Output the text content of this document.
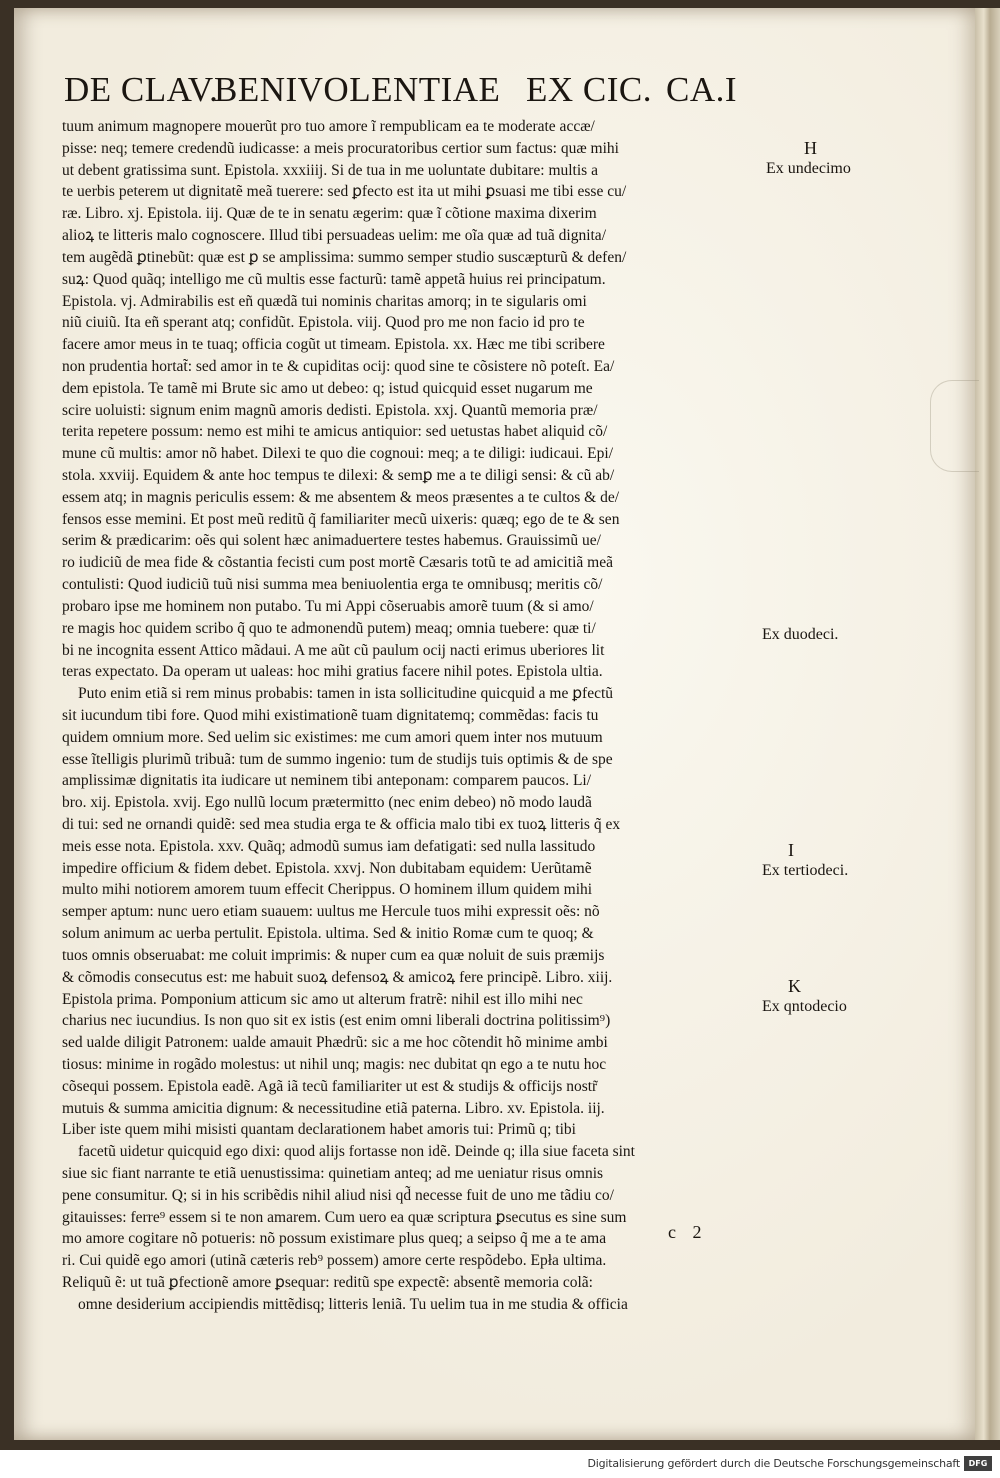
DE CLAV.
BENIVOLENTIAE EX CIC. CA.I
tuum animum magnopere mouerũt pro tuo amore ĩ rempublicam ea te moderate accæ/
pisse: neq; temere credendũ iudicasse: a meis procuratoribus certior sum factus: quæ mihi
ut debent gratissima sunt. Epistola. xxxiiij. Si de tua in me uoluntate dubitare: multis a
te uerbis peterem ut dignitatẽ meã tuerere: sed ꝑfecto est ita ut mihi ꝑsuasi me tibi esse cu/
ræ. Libro. xj. Epistola. iij. Quæ de te in senatu ægerim: quæ ĩ cõtione maxima dixerim
alioꝝ te litteris malo cognoscere. Illud tibi persuadeas uelim: me oĩa quæ ad tuã dignita/
tem augẽdã ꝑtinebũt: quæ est ꝑ se amplissima: summo semper studio suscæpturũ & defen/
suꝝ: Quod quãq; intelligo me cũ multis esse facturũ: tamẽ appetã huius rei principatum.
Epistola. vj. Admirabilis est eñ quædã tui nominis charitas amorq; in te sigularis omi
niũ ciuiũ. Ita eñ sperant atq; confidũt. Epistola. viij. Quod pro me non facio id pro te
facere amor meus in te tuaq; officia cogũt ut timeam. Epistola. xx. Hæc me tibi scribere
non prudentia hortat̃: sed amor in te & cupiditas ocij: quod sine te cõsistere nõ poteſt. Ea/
dem epistola. Te tamẽ mi Brute sic amo ut debeo: q; istud quicquid esset nugarum me
scire uoluisti: signum enim magnũ amoris dedisti. Epistola. xxj. Quantũ memoria præ/
terita repetere possum: nemo est mihi te amicus antiquior: sed uetustas habet aliquid cõ/
mune cũ multis: amor nõ habet. Dilexi te quo die cognoui: meq; a te diligi: iudicaui. Epi/
stola. xxviij. Equidem & ante hoc tempus te dilexi: & semꝑ me a te diligi sensi: & cũ ab/
essem atq; in magnis periculis essem: & me absentem & meos præsentes a te cultos & de/
fensos esse memini. Et post meũ reditũ q̃ familiariter mecũ uixeris: quæq; ego de te & sen
serim & prædicarim: oẽs qui solent hæc animaduertere testes habemus. Grauissimũ ue/
ro iudiciũ de mea fide & cõstantia fecisti cum post mortẽ Cæsaris totũ te ad amicitiã meã
contulisti: Quod iudiciũ tuũ nisi summa mea beniuolentia erga te omnibusq; meritis cõ/
probaro ipse me hominem non putabo. Tu mi Appi cõseruabis amorẽ tuum (& si amo/
re magis hoc quidem scribo q̃ quo te admonendũ putem) meaq; omnia tuebere: quæ ti/
bi ne incognita essent Attico mãdaui. A me aũt cũ paulum ocij nacti erimus uberiores lit
teras expectato. Da operam ut ualeas: hoc mihi gratius facere nihil potes. Epistola ultia.
Puto enim etiã si rem minus probabis: tamen in ista sollicitudine quicquid a me ꝑfectũ
sit iucundum tibi fore. Quod mihi existimationẽ tuam dignitatemq; commẽdas: facis tu
quidem omnium more. Sed uelim sic existimes: me cum amori quem inter nos mutuum
esse ĩtelligis plurimũ tribuã: tum de summo ingenio: tum de studijs tuis optimis & de spe
amplissimæ dignitatis ita iudicare ut neminem tibi anteponam: comparem paucos. Li/
bro. xij. Epistola. xvij. Ego nullũ locum prætermitto (nec enim debeo) nõ modo laudã
di tui: sed ne ornandi quidẽ: sed mea studia erga te & officia malo tibi ex tuoꝝ litteris q̃ ex
meis esse nota. Epistola. xxv. Quãq; admodũ sumus iam defatigati: sed nulla lassitudo
impedire officium & fidem debet. Epistola. xxvj. Non dubitabam equidem: Uerũtamẽ
multo mihi notiorem amorem tuum effecit Cherippus. O hominem illum quidem mihi
semper aptum: nunc uero etiam suauem: uultus me Hercule tuos mihi expressit oẽs: nõ
solum animum ac uerba pertulit. Epistola. ultima. Sed & initio Romæ cum te quoq; &
tuos omnis obseruabat: me coluit imprimis: & nuper cum ea quæ noluit de suis præmijs
& cõmodis consecutus est: me habuit suoꝝ defensoꝝ & amicoꝝ fere principẽ. Libro. xiij.
Epistola prima. Pomponium atticum sic amo ut alterum fratrẽ: nihil est illo mihi nec
charius nec iucundius. Is non quo sit ex istis (est enim omni liberali doctrina politissim⁹)
sed ualde diligit Patronem: ualde amauit Phædrũ: sic a me hoc cõtendit hõ minime ambi
tiosus: minime in rogãdo molestus: ut nihil unq; magis: nec dubitat qn ego a te nutu hoc
cõsequi possem. Epistola eadẽ. Agã iã tecũ familiariter ut est & studijs & officijs nostr̃
mutuis & summa amicitia dignum: & necessitudine etiã paterna. Libro. xv. Epistola. iij.
Liber iste quem mihi misisti quantam declarationem habet amoris tui: Primũ q; tibi
facetũ uidetur quicquid ego dixi: quod alijs fortasse non idẽ. Deinde q; illa siue faceta sint
siue sic fiant narrante te etiã uenustissima: quinetiam anteq; ad me ueniatur risus omnis
pene consumitur. Q; si in his scribẽdis nihil aliud nisi qd̃ necesse fuit de uno me tãdiu co/
gitauisses: ferre⁹ essem si te non amarem. Cum uero ea quæ scriptura ꝑsecutus es sine sum
mo amore cogitare nõ potueris: nõ possum existimare plus queq; a seipso q̃ me a te ama
ri. Cui quidẽ ego amori (utinã cæteris reb⁹ possem) amore certe respõdebo. Epła ultima.
Reliquũ ẽ: ut tuã ꝑfectionẽ amore ꝑsequar: reditũ spe expectẽ: absentẽ memoria colã:
omne desiderium accipiendis mittẽdisq; litteris leniã. Tu uelim tua in me studia & officia
H
Ex undecimo
Ex duodeci.
I
Ex tertiodeci.
K
Ex qntodecio
c 2
Digitalisierung gefördert durch die Deutsche Forschungsgemeinschaft	DFG
